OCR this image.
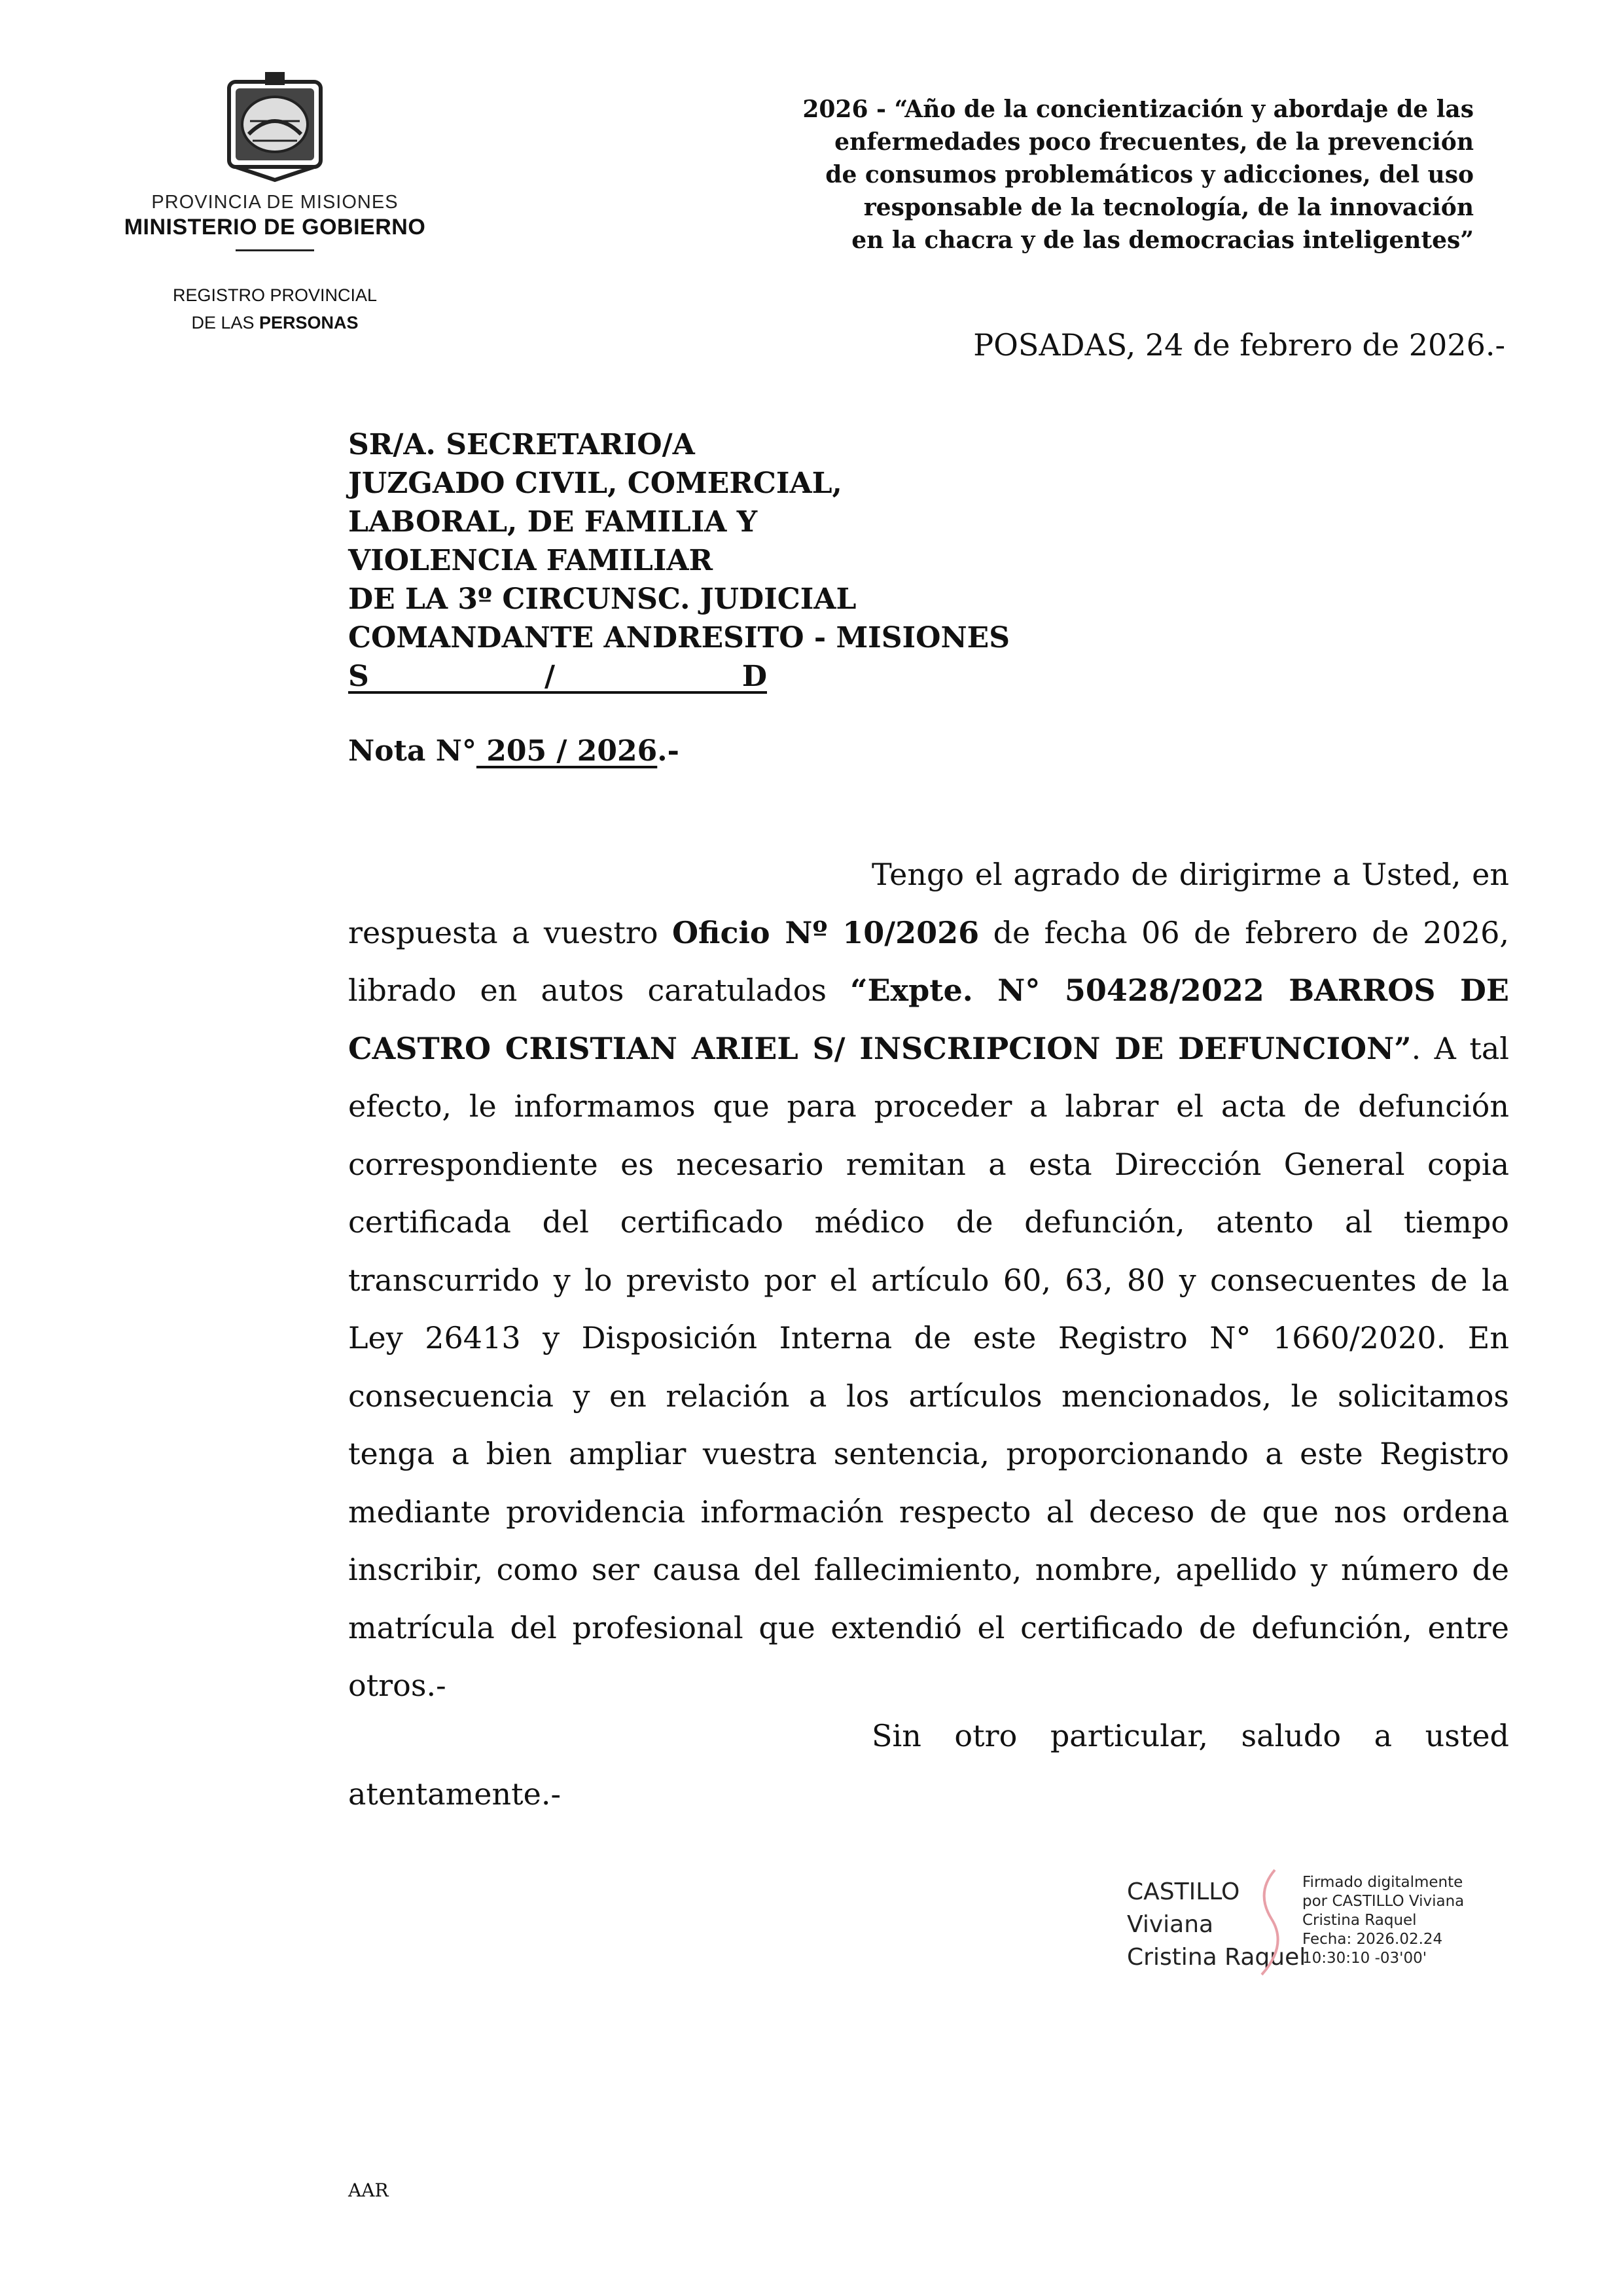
PROVINCIA DE MISIONES
MINISTERIO DE GOBIERNO
REGISTRO PROVINCIAL
DE LAS PERSONAS
2026 - “Año de la concientización y abordaje de las
enfermedades poco frecuentes, de la prevención
de consumos problemáticos y adicciones, del uso
responsable de la tecnología, de la innovación
en la chacra y de las democracias inteligentes”
POSADAS, 24 de febrero de 2026.-
SR/A. SECRETARIO/A
JUZGADO CIVIL, COMERCIAL,
LABORAL, DE FAMILIA Y
VIOLENCIA FAMILIAR
DE LA 3º CIRCUNSC. JUDICIAL
COMANDANTE ANDRESITO - MISIONES
S	/	D
Nota N° 205 / 2026.-

Tengo el agrado de dirigirme a Usted, en respuesta a vuestro Oficio Nº 10/2026 de fecha 06 de febrero de 2026, librado en autos caratulados “Expte. N° 50428/2022 BARROS DE CASTRO CRISTIAN ARIEL S/ INSCRIPCION DE DEFUNCION”. A tal efecto, le informamos que para proceder a labrar el acta de defunción correspondiente es necesario remitan a esta Dirección General copia certificada del certificado médico de defunción, atento al tiempo transcurrido y lo previsto por el artículo 60, 63, 80 y consecuentes de la Ley 26413 y Disposición Interna de este Registro N° 1660/2020. En consecuencia y en relación a los artículos mencionados, le solicitamos tenga a bien ampliar vuestra sentencia, proporcionando a este Registro mediante providencia información respecto al deceso de que nos ordena inscribir, como ser causa del fallecimiento, nombre, apellido y número de matrícula del profesional que extendió el certificado de defunción, entre otros.-

Sin otro particular, saludo a usted atentamente.-

CASTILLO
Viviana
Cristina Raquel
Firmado digitalmente
por CASTILLO Viviana
Cristina Raquel
Fecha: 2026.02.24
10:30:10 -03'00'
AAR
